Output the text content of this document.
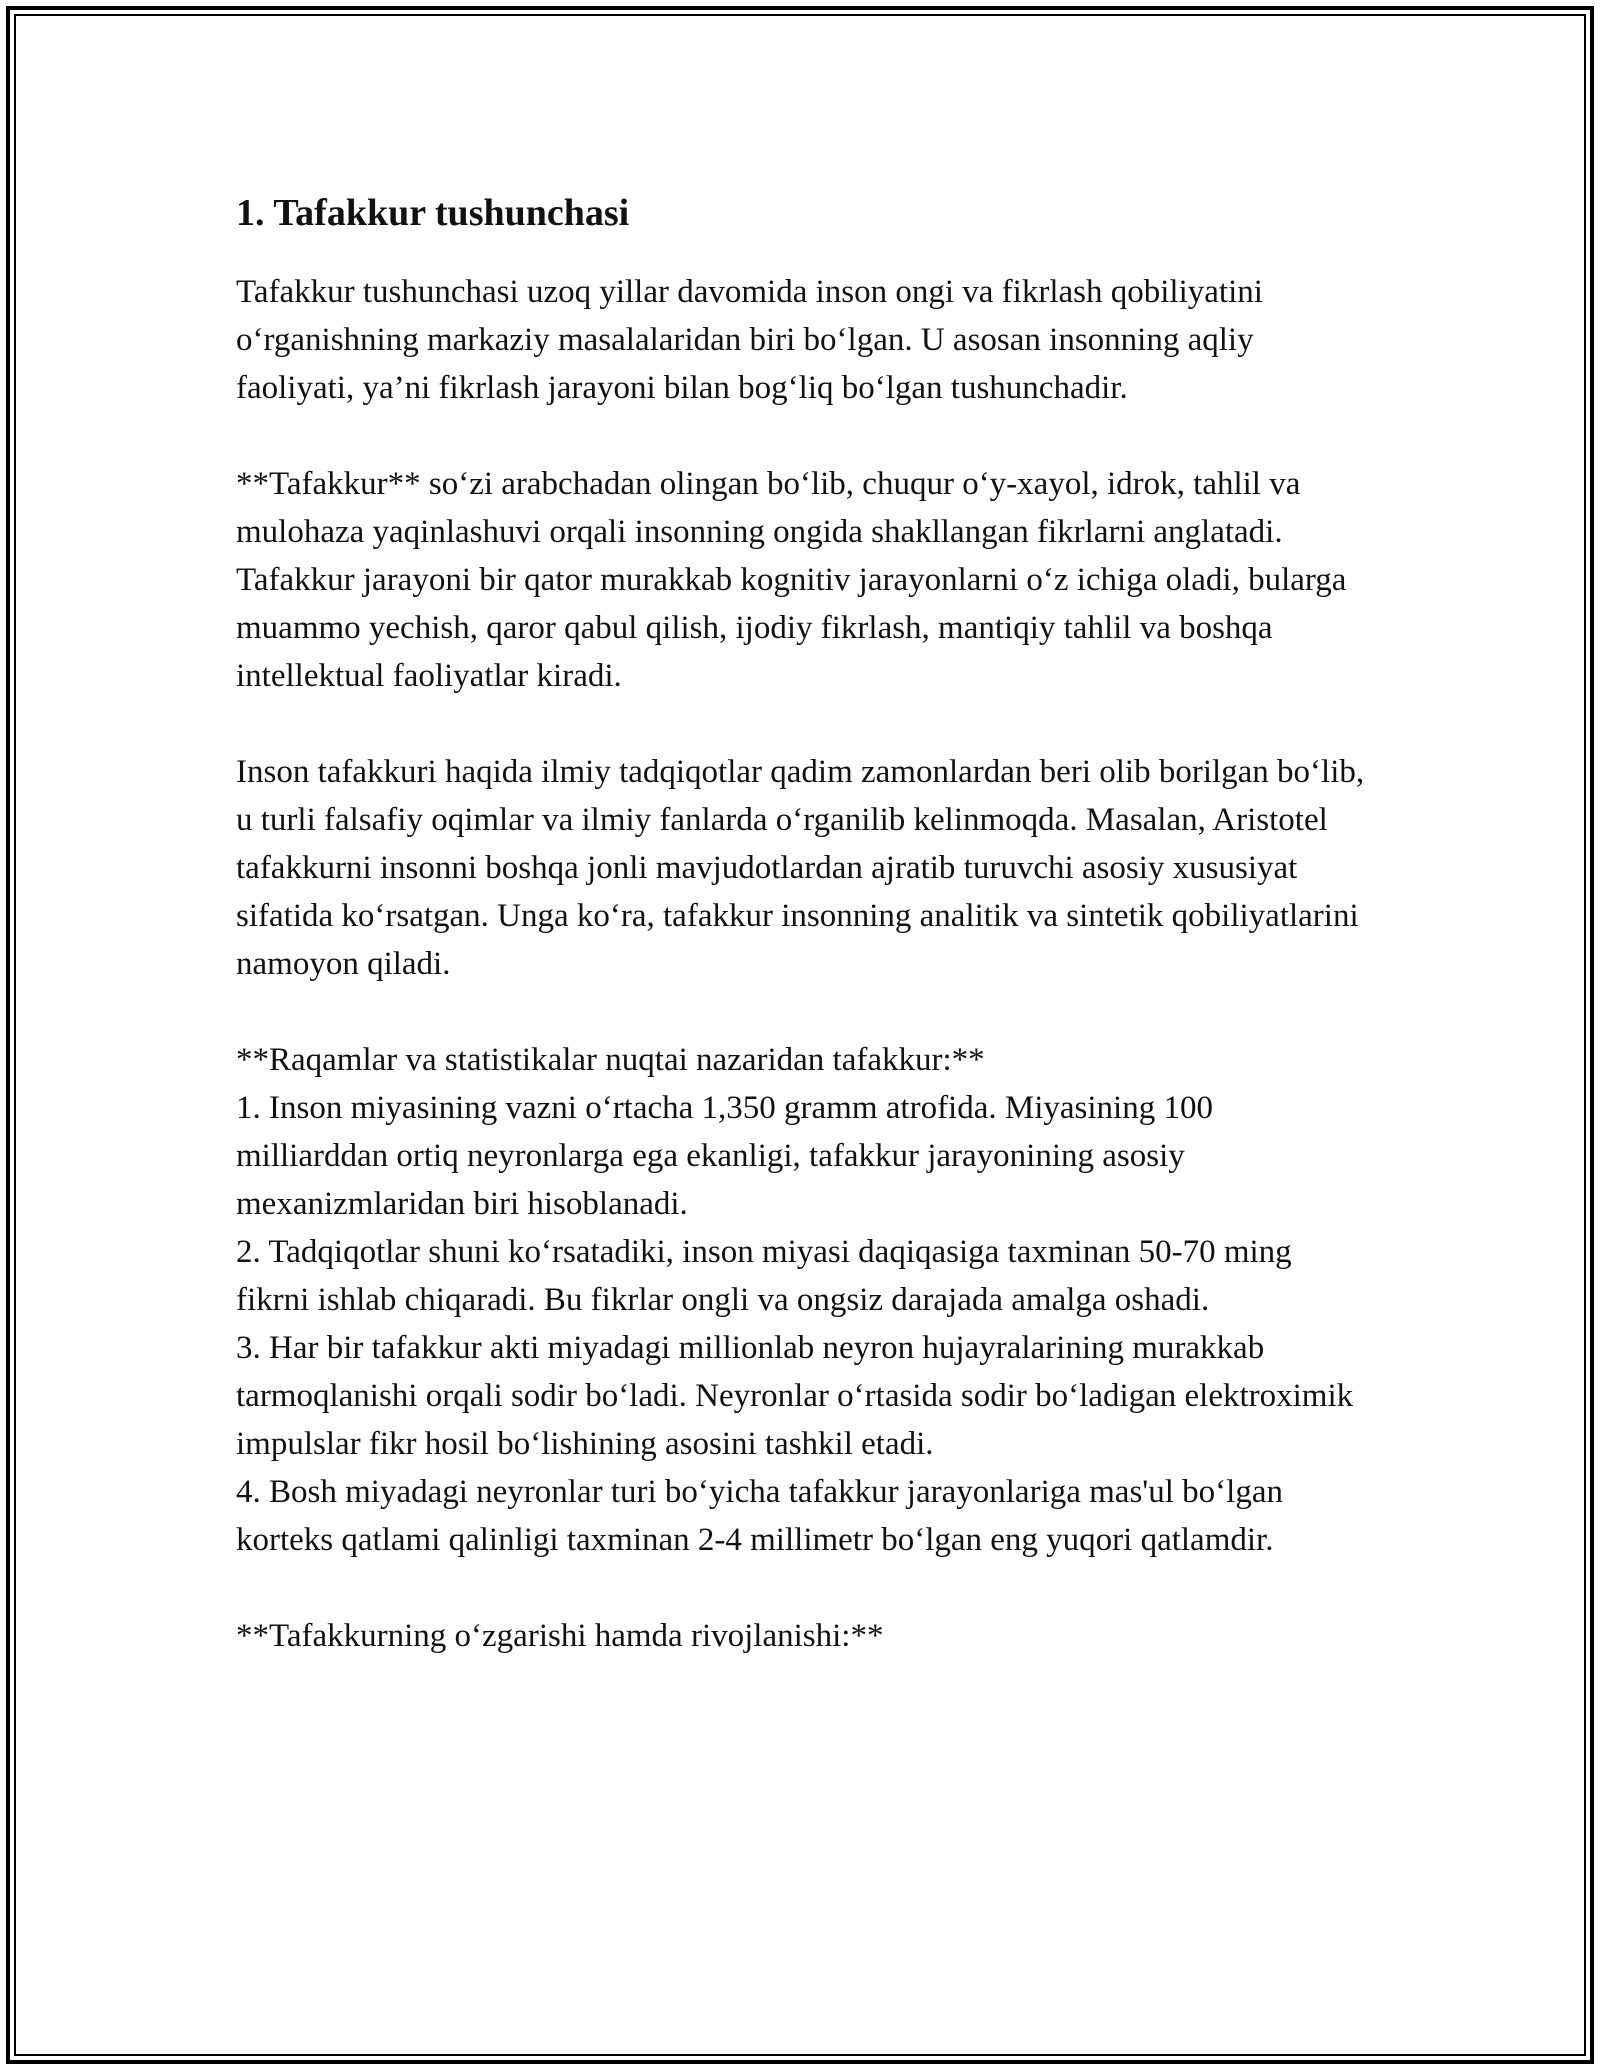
1. Tafakkur tushunchasi

Tafakkur tushunchasi uzoq yillar davomida inson ongi va fikrlash qobiliyatini oʻrganishning markaziy masalalaridan biri boʻlgan. U asosan insonning aqliy faoliyati, ya’ni fikrlash jarayoni bilan bogʻliq boʻlgan tushunchadir.

**Tafakkur** soʻzi arabchadan olingan boʻlib, chuqur oʻy-xayol, idrok, tahlil va mulohaza yaqinlashuvi orqali insonning ongida shakllangan fikrlarni anglatadi. Tafakkur jarayoni bir qator murakkab kognitiv jarayonlarni oʻz ichiga oladi, bularga muammo yechish, qaror qabul qilish, ijodiy fikrlash, mantiqiy tahlil va boshqa intellektual faoliyatlar kiradi.

Inson tafakkuri haqida ilmiy tadqiqotlar qadim zamonlardan beri olib borilgan boʻlib, u turli falsafiy oqimlar va ilmiy fanlarda oʻrganilib kelinmoqda. Masalan, Aristotel tafakkurni insonni boshqa jonli mavjudotlardan ajratib turuvchi asosiy xususiyat sifatida koʻrsatgan. Unga koʻra, tafakkur insonning analitik va sintetik qobiliyatlarini namoyon qiladi.

**Raqamlar va statistikalar nuqtai nazaridan tafakkur:**

1. Inson miyasining vazni oʻrtacha 1,350 gramm atrofida. Miyasining 100 milliarddan ortiq neyronlarga ega ekanligi, tafakkur jarayonining asosiy mexanizmlaridan biri hisoblanadi.

2. Tadqiqotlar shuni koʻrsatadiki, inson miyasi daqiqasiga taxminan 50-70 ming fikrni ishlab chiqaradi. Bu fikrlar ongli va ongsiz darajada amalga oshadi.

3. Har bir tafakkur akti miyadagi millionlab neyron hujayralarining murakkab tarmoqlanishi orqali sodir boʻladi. Neyronlar oʻrtasida sodir boʻladigan elektroximik impulslar fikr hosil boʻlishining asosini tashkil etadi.

4. Bosh miyadagi neyronlar turi boʻyicha tafakkur jarayonlariga mas'ul boʻlgan korteks qatlami qalinligi taxminan 2-4 millimetr boʻlgan eng yuqori qatlamdir.

**Tafakkurning oʻzgarishi hamda rivojlanishi:**
